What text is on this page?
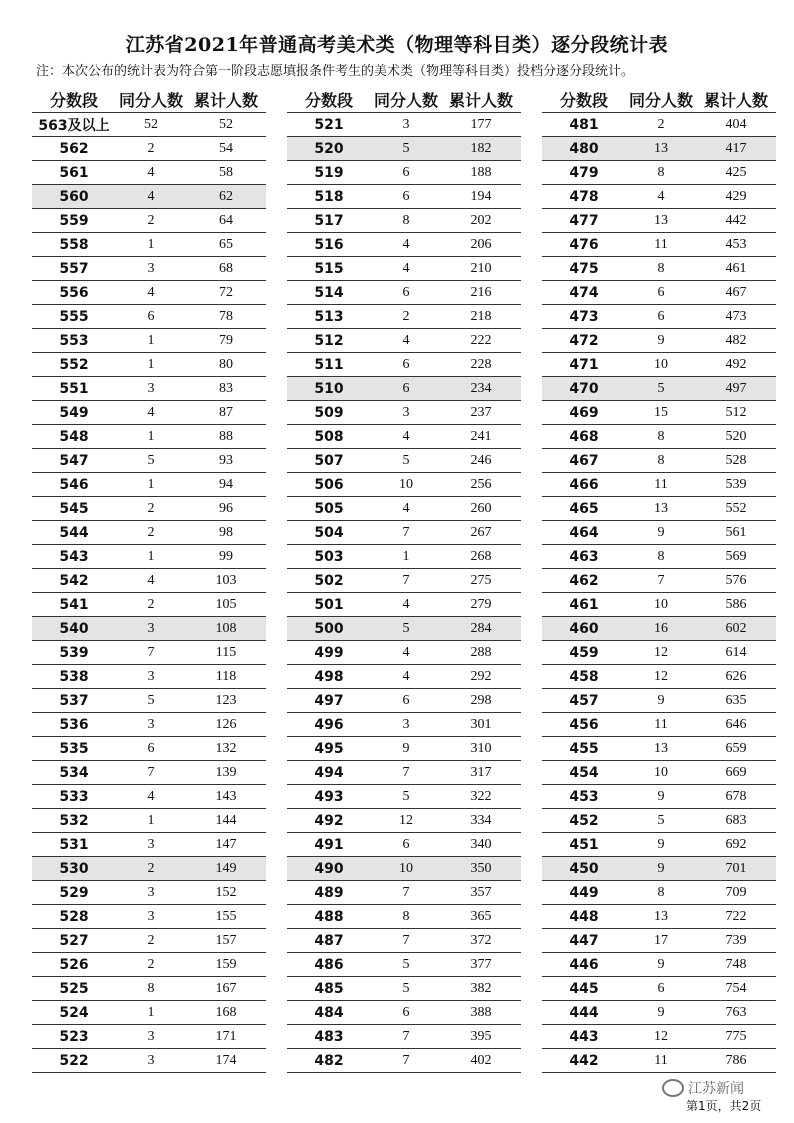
江苏省2021年普通高考美术类（物理等科目类）逐分段统计表
注：本次公布的统计表为符合第一阶段志愿填报条件考生的美术类（物理等科目类）投档分逐分段统计。
分数段	同分人数 累计人数
563及以上	52	52
562	2	54
561	4	58
560	4	62
559	2	64
558	1	65
557	3	68
556	4	72
555	6	78
553	1	79
552	1	80
551	3	83
549	4	87
548	1	88
547	5	93
546	1	94
545	2	96
544	2	98
543	1	99
542	4	103
541	2	105
540	3	108
539	7	115
538	3	118
537	5	123
536	3	126
535	6	132
534	7	139
533	4	143
532	1	144
531	3	147
530	2	149
529	3	152
528	3	155
527	2	157
526	2	159
525	8	167
524	1	168
523	3	171
522	3	174
分数段	同分人数 累计人数
521	3	177
520	5	182
519	6	188
518	6	194
517	8	202
516	4	206
515	4	210
514	6	216
513	2	218
512	4	222
511	6	228
510	6	234
509	3	237
508	4	241
507	5	246
506	10	256
505	4	260
504	7	267
503	1	268
502	7	275
501	4	279
500	5	284
499	4	288
498	4	292
497	6	298
496	3	301
495	9	310
494	7	317
493	5	322
492	12	334
491	6	340
490	10	350
489	7	357
488	8	365
487	7	372
486	5	377
485	5	382
484	6	388
483	7	395
482	7	402
分数段	同分人数 累计人数
481	2	404
480	13	417
479	8	425
478	4	429
477	13	442
476	11	453
475	8	461
474	6	467
473	6	473
472	9	482
471	10	492
470	5	497
469	15	512
468	8	520
467	8	528
466	11	539
465	13	552
464	9	561
463	8	569
462	7	576
461	10	586
460	16	602
459	12	614
458	12	626
457	9	635
456	11	646
455	13	659
454	10	669
453	9	678
452	5	683
451	9	692
450	9	701
449	8	709
448	13	722
447	17	739
446	9	748
445	6	754
444	9	763
443	12	775
442	11	786
江苏新闻
第1页，共2页
